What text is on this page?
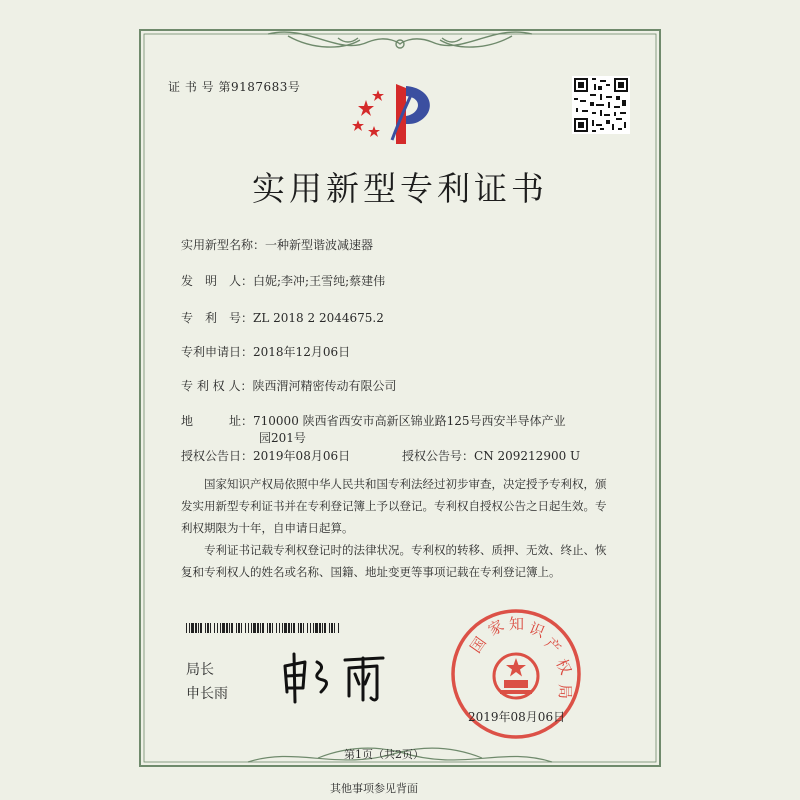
证 书 号 第9187683号
实用新型专利证书
实用新型名称：一种新型谐波减速器
发　明　人：白妮;李冲;王雪纯;蔡建伟
专　利　号：ZL 2018 2 2044675.2
专利申请日：2018年12月06日
专 利 权 人：陕西渭河精密传动有限公司
地　　　址：710000 陕西省西安市高新区锦业路125号西安半导体产业
园201号
授权公告日：2019年08月06日	授权公告号：CN 209212900 U
国家知识产权局依照中华人民共和国专利法经过初步审查，决定授予专利权，颁发实用新型专利证书并在专利登记簿上予以登记。专利权自授权公告之日起生效。专利权期限为十年，自申请日起算。
专利证书记载专利权登记时的法律状况。专利权的转移、质押、无效、终止、恢复和专利权人的姓名或名称、国籍、地址变更等事项记载在专利登记簿上。
局长
申长雨
国
家 知 识
产
权
局
2019年08月06日
第1页（共2页）
其他事项参见背面
